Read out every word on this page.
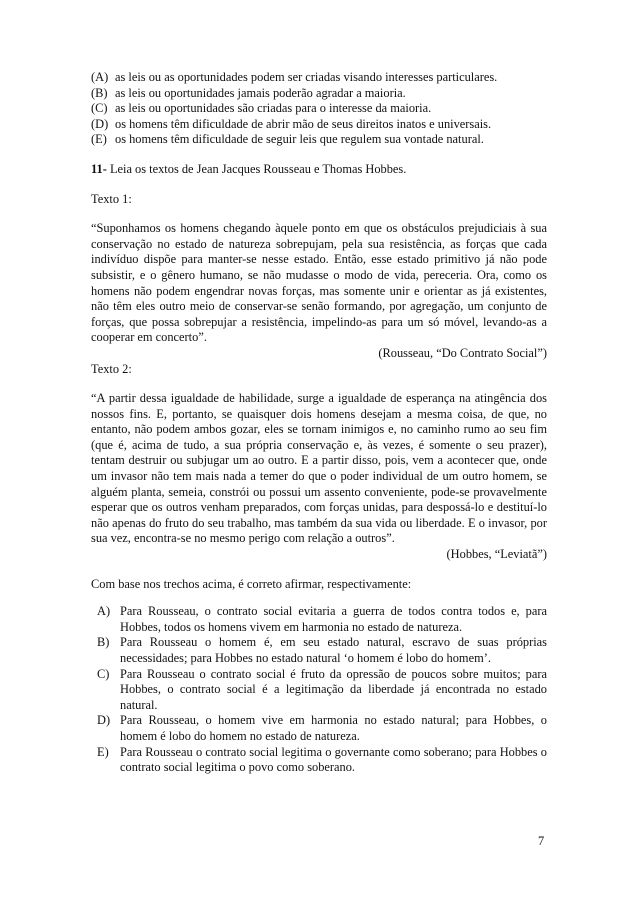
(A)	as leis ou as oportunidades podem ser criadas visando interesses particulares.
(B)	as leis ou oportunidades jamais poderão agradar a maioria.
(C)	as leis ou oportunidades são criadas para o interesse da maioria.
(D)	os homens têm dificuldade de abrir mão de seus direitos inatos e universais.
(E)	os homens têm dificuldade de seguir leis que regulem sua vontade natural.
11- Leia os textos de Jean Jacques Rousseau e Thomas Hobbes.
Texto 1:
“Suponhamos os homens chegando àquele ponto em que os obstáculos prejudiciais à sua conservação no estado de natureza sobrepujam, pela sua resistência, as forças que cada indivíduo dispõe para manter-se nesse estado. Então, esse estado primitivo já não pode subsistir, e o gênero humano, se não mudasse o modo de vida, pereceria. Ora, como os homens não podem engendrar novas forças, mas somente unir e orientar as já existentes, não têm eles outro meio de conservar-se senão formando, por agregação, um conjunto de forças, que possa sobrepujar a resistência, impelindo-as para um só móvel, levando-as a cooperar em concerto”.
(Rousseau, “Do Contrato Social”)
Texto 2:
“A partir dessa igualdade de habilidade, surge a igualdade de esperança na atingência dos nossos fins. E, portanto, se quaisquer dois homens desejam a mesma coisa, de que, no entanto, não podem ambos gozar, eles se tornam inimigos e, no caminho rumo ao seu fim (que é, acima de tudo, a sua própria conservação e, às vezes, é somente o seu prazer), tentam destruir ou subjugar um ao outro. E a partir disso, pois, vem a acontecer que, onde um invasor não tem mais nada a temer do que o poder individual de um outro homem, se alguém planta, semeia, constrói ou possui um assento conveniente, pode-se provavelmente esperar que os outros venham preparados, com forças unidas, para despossá-lo e destituí-lo não apenas do fruto do seu trabalho, mas também da sua vida ou liberdade. E o invasor, por sua vez, encontra-se no mesmo perigo com relação a outros”.
(Hobbes, “Leviatã”)
Com base nos trechos acima, é correto afirmar, respectivamente:
A)	Para Rousseau, o contrato social evitaria a guerra de todos contra todos e, para Hobbes, todos os homens vivem em harmonia no estado de natureza.
B)	Para Rousseau o homem é, em seu estado natural, escravo de suas próprias necessidades; para Hobbes no estado natural ‘o homem é lobo do homem’.
C)	Para Rousseau o contrato social é fruto da opressão de poucos sobre muitos; para Hobbes, o contrato social é a legitimação da liberdade já encontrada no estado natural.
D)	Para Rousseau, o homem vive em harmonia no estado natural; para Hobbes, o homem é lobo do homem no estado de natureza.
E)	Para Rousseau o contrato social legitima o governante como soberano; para Hobbes o contrato social legitima o povo como soberano.
7
